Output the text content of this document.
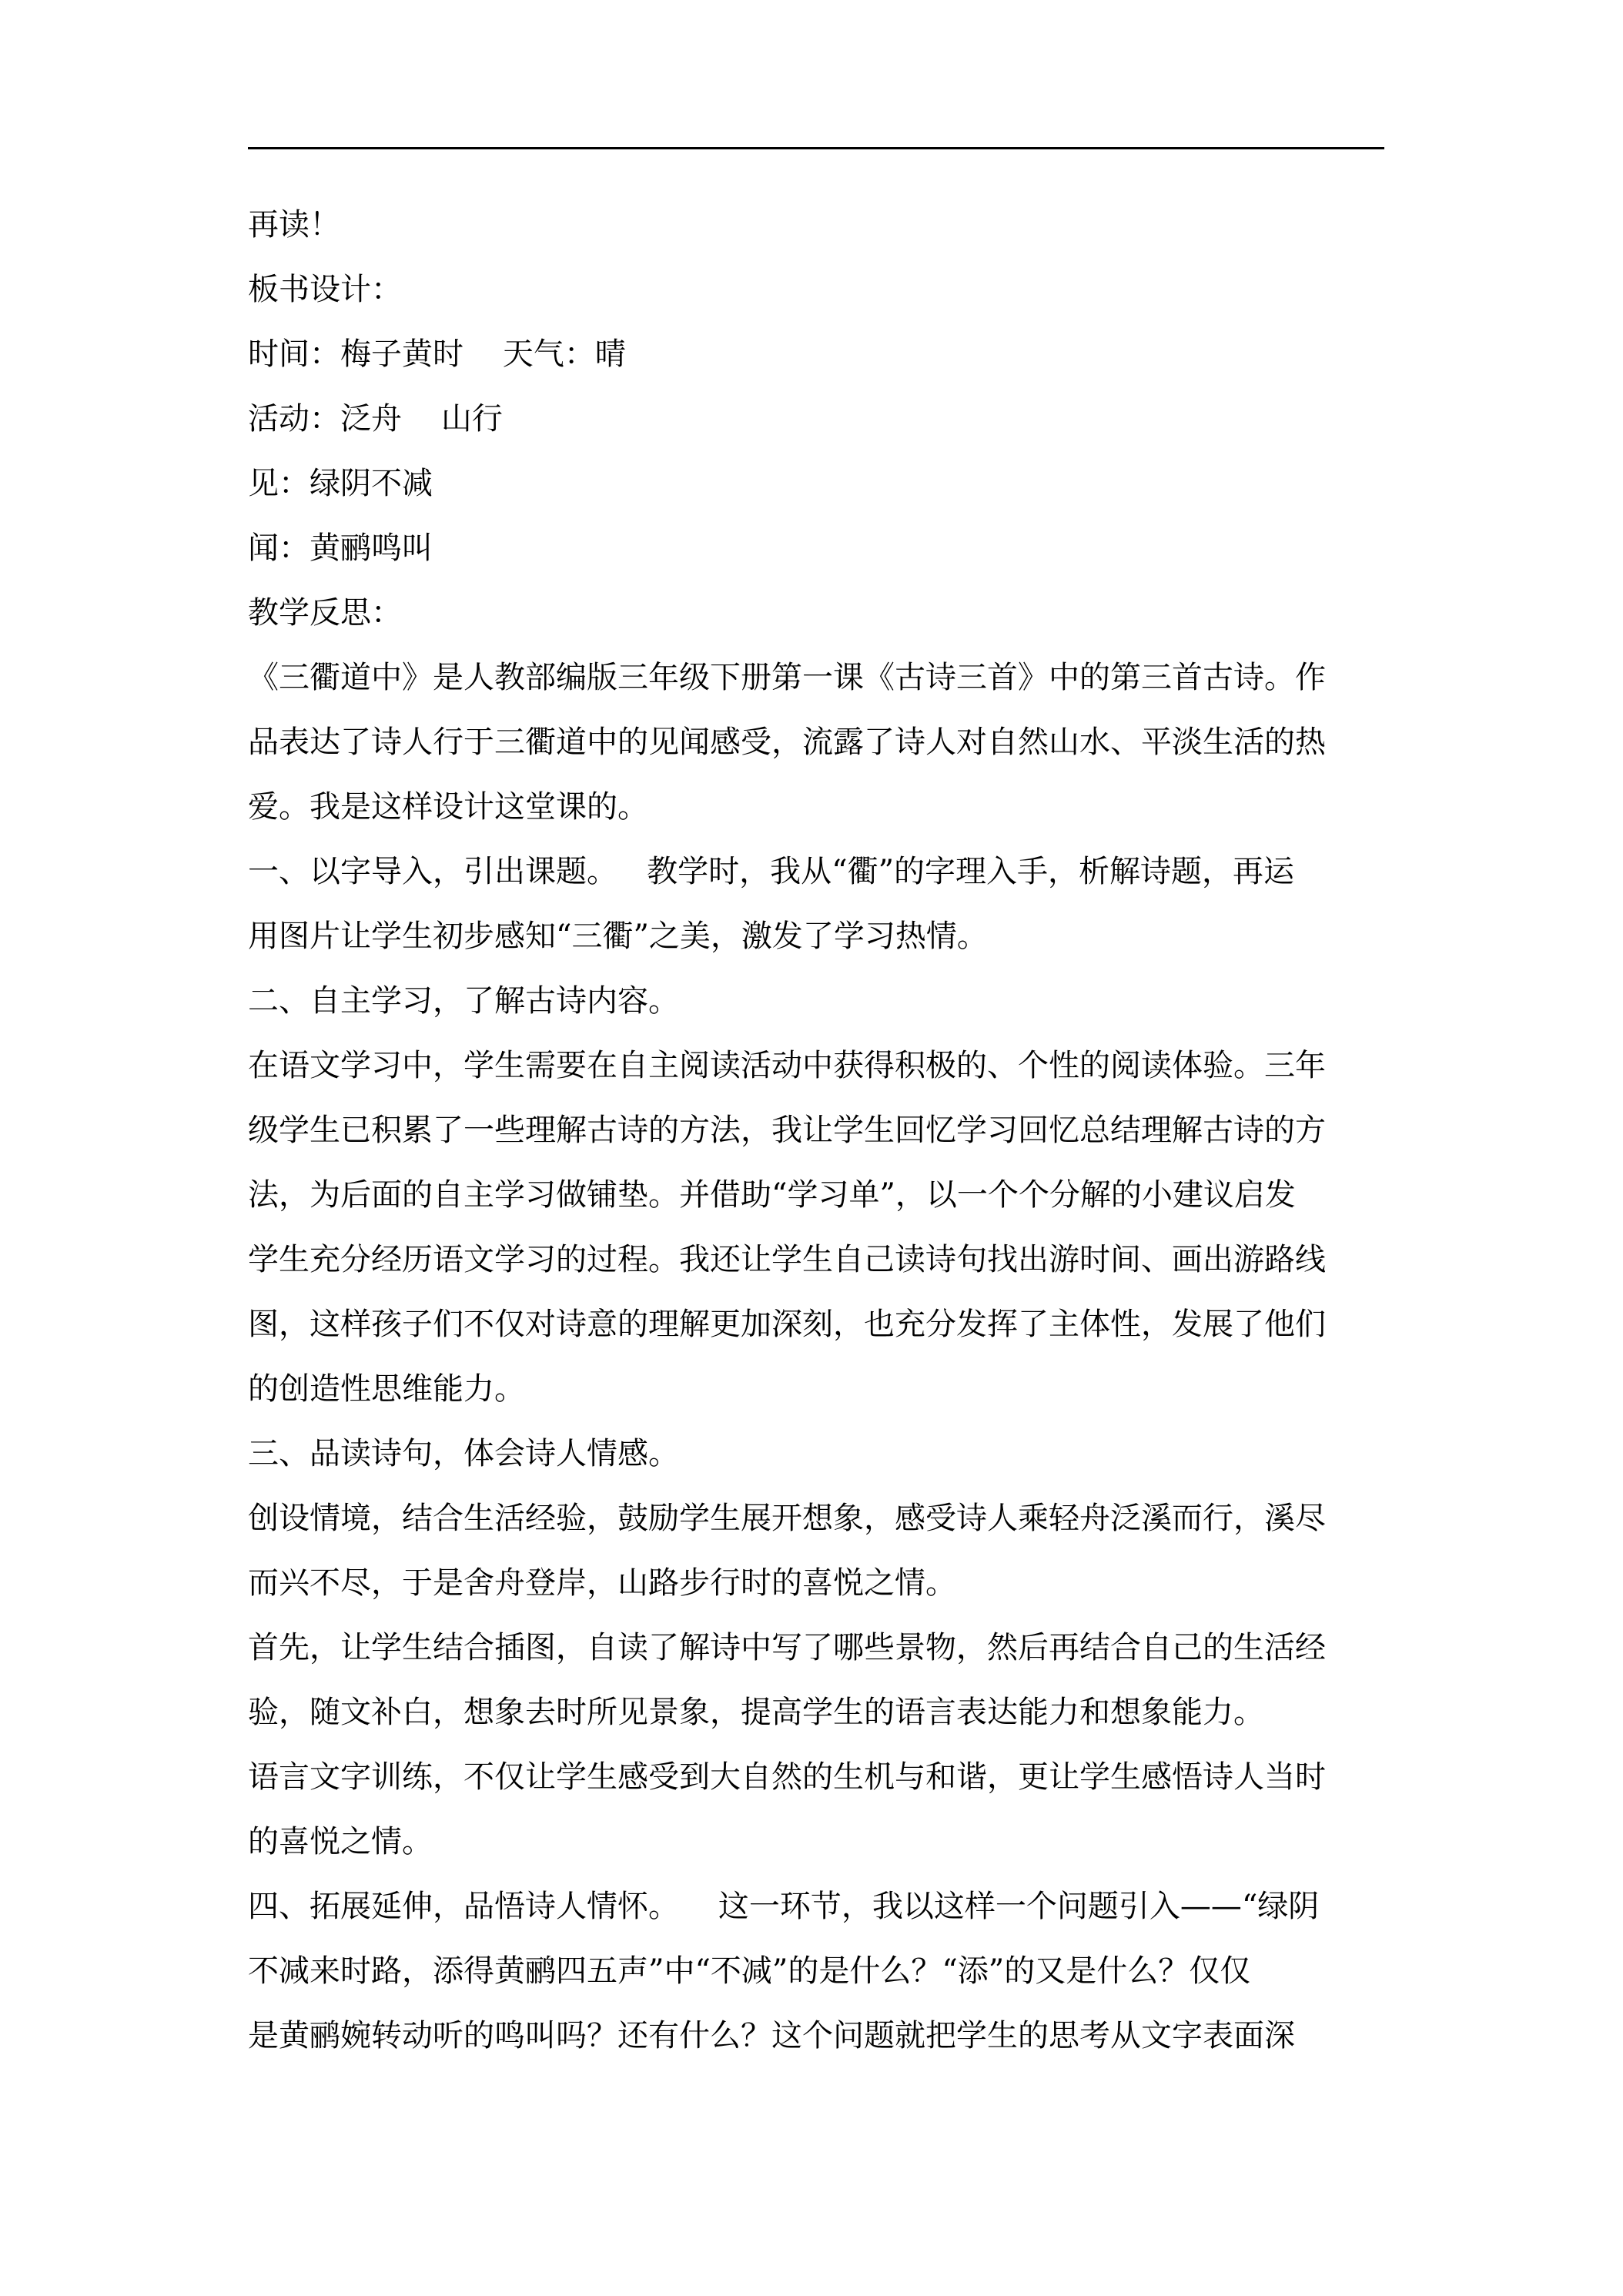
再读！
板书设计：
时间：梅子黄时    天气：晴
活动：泛舟    山行
见：绿阴不减
闻：黄鹂鸣叫
教学反思：
《三衢道中》是人教部编版三年级下册第一课《古诗三首》中的第三首古诗。作
品表达了诗人行于三衢道中的见闻感受，流露了诗人对自然山水、平淡生活的热
爱。我是这样设计这堂课的。
一、以字导入，引出课题。   教学时，我从“衢”的字理入手，析解诗题，再运
用图片让学生初步感知“三衢”之美，激发了学习热情。
二、自主学习，了解古诗内容。
在语文学习中，学生需要在自主阅读活动中获得积极的、个性的阅读体验。三年
级学生已积累了一些理解古诗的方法，我让学生回忆学习回忆总结理解古诗的方
法，为后面的自主学习做铺垫。并借助“学习单”，以一个个分解的小建议启发
学生充分经历语文学习的过程。我还让学生自己读诗句找出游时间、画出游路线
图，这样孩子们不仅对诗意的理解更加深刻，也充分发挥了主体性，发展了他们
的创造性思维能力。
三、品读诗句，体会诗人情感。
创设情境，结合生活经验，鼓励学生展开想象，感受诗人乘轻舟泛溪而行，溪尽
而兴不尽，于是舍舟登岸，山路步行时的喜悦之情。
首先，让学生结合插图，自读了解诗中写了哪些景物，然后再结合自己的生活经
验，随文补白，想象去时所见景象，提高学生的语言表达能力和想象能力。
语言文字训练，不仅让学生感受到大自然的生机与和谐，更让学生感悟诗人当时
的喜悦之情。
四、拓展延伸，品悟诗人情怀。    这一环节，我以这样一个问题引入——“绿阴
不减来时路，添得黄鹂四五声”中“不减”的是什么？“添”的又是什么？仅仅
是黄鹂婉转动听的鸣叫吗？还有什么？这个问题就把学生的思考从文字表面深
